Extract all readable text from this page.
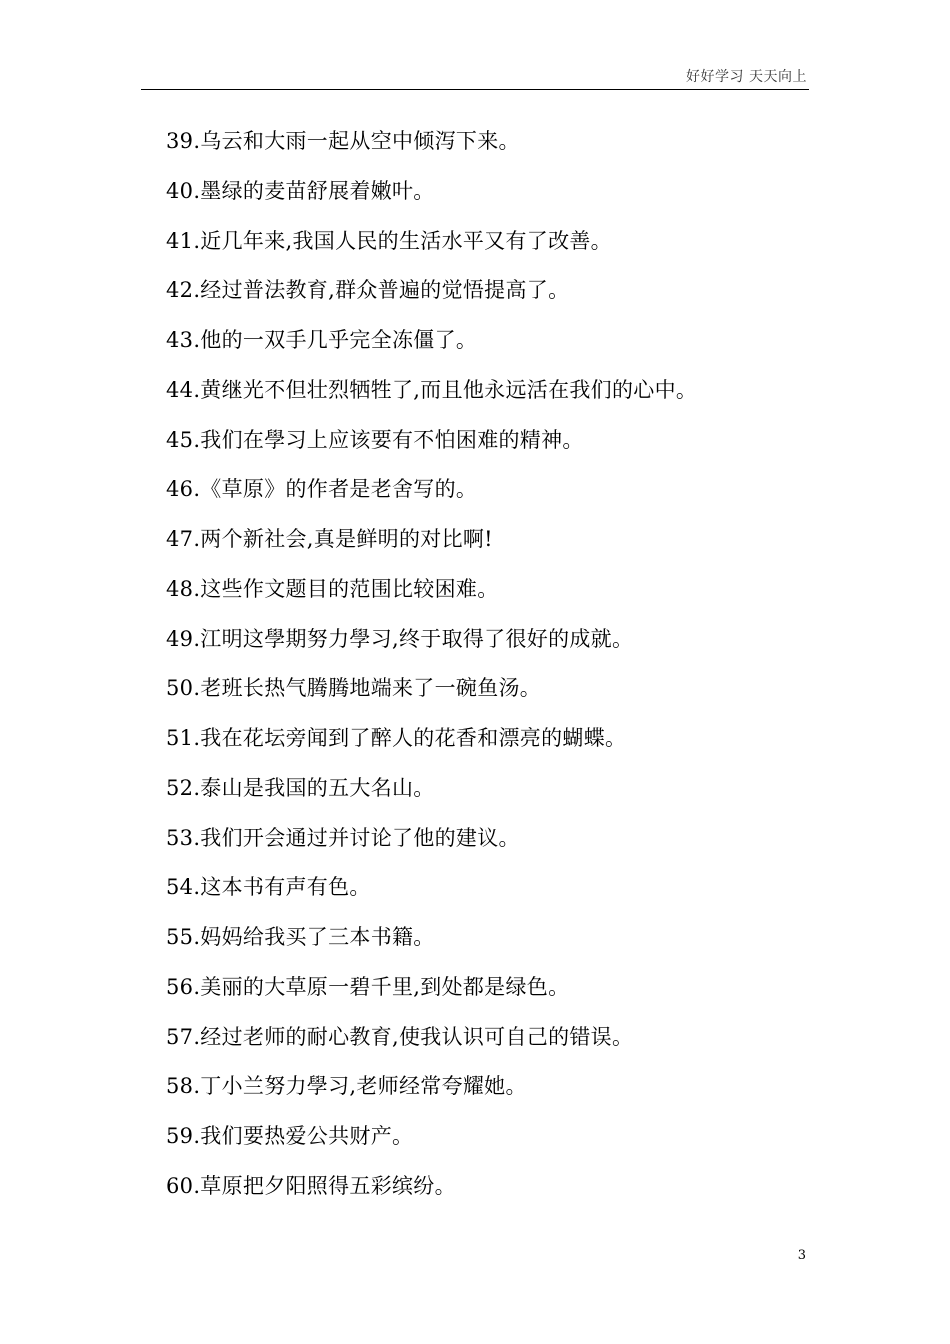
好好学习 天天向上
39.乌云和大雨一起从空中倾泻下来。
40.墨绿的麦苗舒展着嫩叶。
41.近几年来,我国人民的生活水平又有了改善。
42.经过普法教育,群众普遍的觉悟提高了。
43.他的一双手几乎完全冻僵了。
44.黄继光不但壮烈牺牲了,而且他永远活在我们的心中。
45.我们在學习上应该要有不怕困难的精神。
46.《草原》的作者是老舍写的。
47.两个新社会,真是鲜明的对比啊!
48.这些作文题目的范围比较困难。
49.江明这學期努力學习,终于取得了很好的成就。
50.老班长热气腾腾地端来了一碗鱼汤。
51.我在花坛旁闻到了醉人的花香和漂亮的蝴蝶。
52.泰山是我国的五大名山。
53.我们开会通过并讨论了他的建议。
54.这本书有声有色。
55.妈妈给我买了三本书籍。
56.美丽的大草原一碧千里,到处都是绿色。
57.经过老师的耐心教育,使我认识可自己的错误。
58.丁小兰努力學习,老师经常夸耀她。
59.我们要热爱公共财产。
60.草原把夕阳照得五彩缤纷。
3
